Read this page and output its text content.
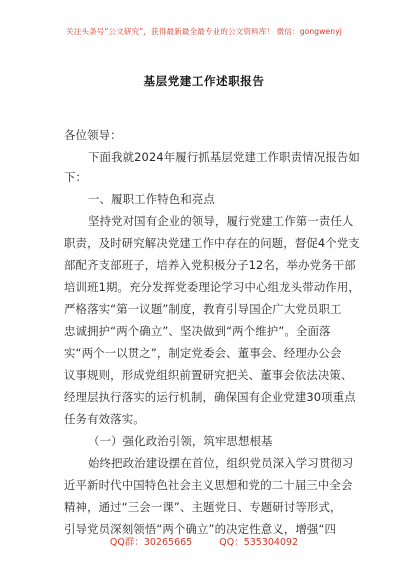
关注头条号“公文研究”，获得最新最全最专业的公文资料库！ 微信：gongwenyj
基层党建工作述职报告
各位领导：
下面我就2024年履行抓基层党建工作职责情况报告如
下：
一、履职工作特色和亮点
坚持党对国有企业的领导，履行党建工作第一责任人
职责，及时研究解决党建工作中存在的问题，督促4个党支
部配齐支部班子，培养入党积极分子12名，举办党务干部
培训班1期。充分发挥党委理论学习中心组龙头带动作用，
严格落实“第一议题”制度，教育引导国企广大党员职工
忠诚拥护“两个确立”、坚决做到“两个维护”。全面落
实“两个一以贯之”，制定党委会、董事会、经理办公会
议事规则，形成党组织前置研究把关、董事会依法决策、
经理层执行落实的运行机制，确保国有企业党建30项重点
任务有效落实。
（一）强化政治引领，筑牢思想根基
始终把政治建设摆在首位，组织党员深入学习贯彻习
近平新时代中国特色社会主义思想和党的二十届三中全会
精神，通过“三会一课”、主题党日、专题研讨等形式，
引导党员深刻领悟“两个确立”的决定性意义，增强“四
QQ群：30265665	QQ：535304092
